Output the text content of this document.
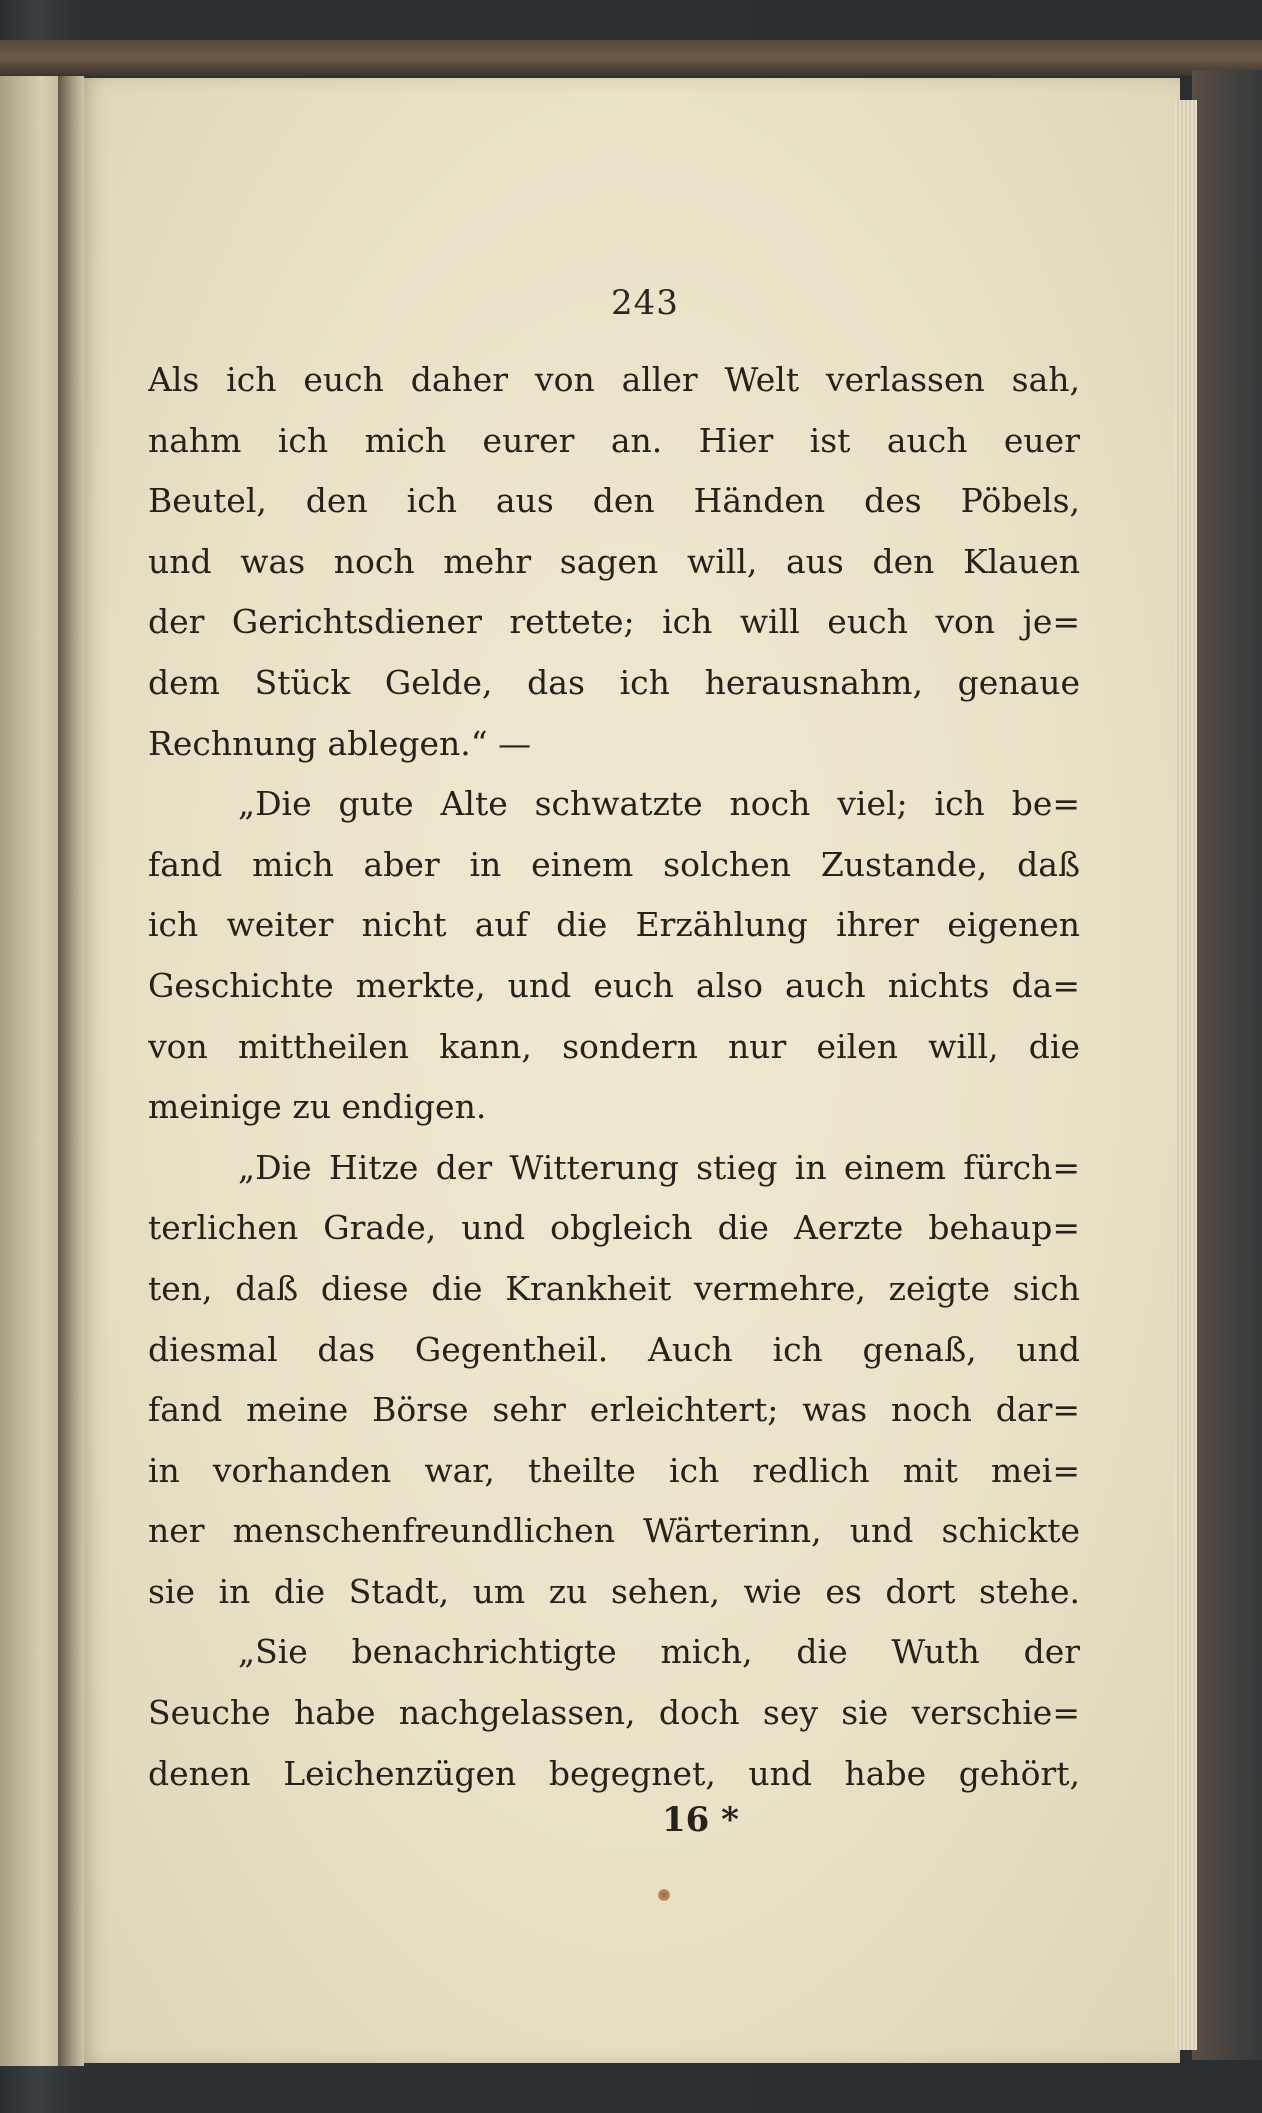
243

Als ich euch daher von aller Welt verlassen sah,
nahm ich mich eurer an. Hier ist auch euer
Beutel, den ich aus den Händen des Pöbels,
und was noch mehr sagen will, aus den Klauen
der Gerichtsdiener rettete; ich will euch von je=
dem Stück Gelde, das ich herausnahm, genaue
Rechnung ablegen.“ —
„Die gute Alte schwatzte noch viel; ich be=
fand mich aber in einem solchen Zustande, daß
ich weiter nicht auf die Erzählung ihrer eigenen
Geschichte merkte, und euch also auch nichts da=
von mittheilen kann, sondern nur eilen will, die
meinige zu endigen.
„Die Hitze der Witterung stieg in einem fürch=
terlichen Grade, und obgleich die Aerzte behaup=
ten, daß diese die Krankheit vermehre, zeigte sich
diesmal das Gegentheil. Auch ich genaß, und
fand meine Börse sehr erleichtert; was noch dar=
in vorhanden war, theilte ich redlich mit mei=
ner menschenfreundlichen Wärterinn, und schickte
sie in die Stadt, um zu sehen, wie es dort stehe.
„Sie benachrichtigte mich, die Wuth der
Seuche habe nachgelassen, doch sey sie verschie=
denen Leichenzügen begegnet, und habe gehört,

16 *
